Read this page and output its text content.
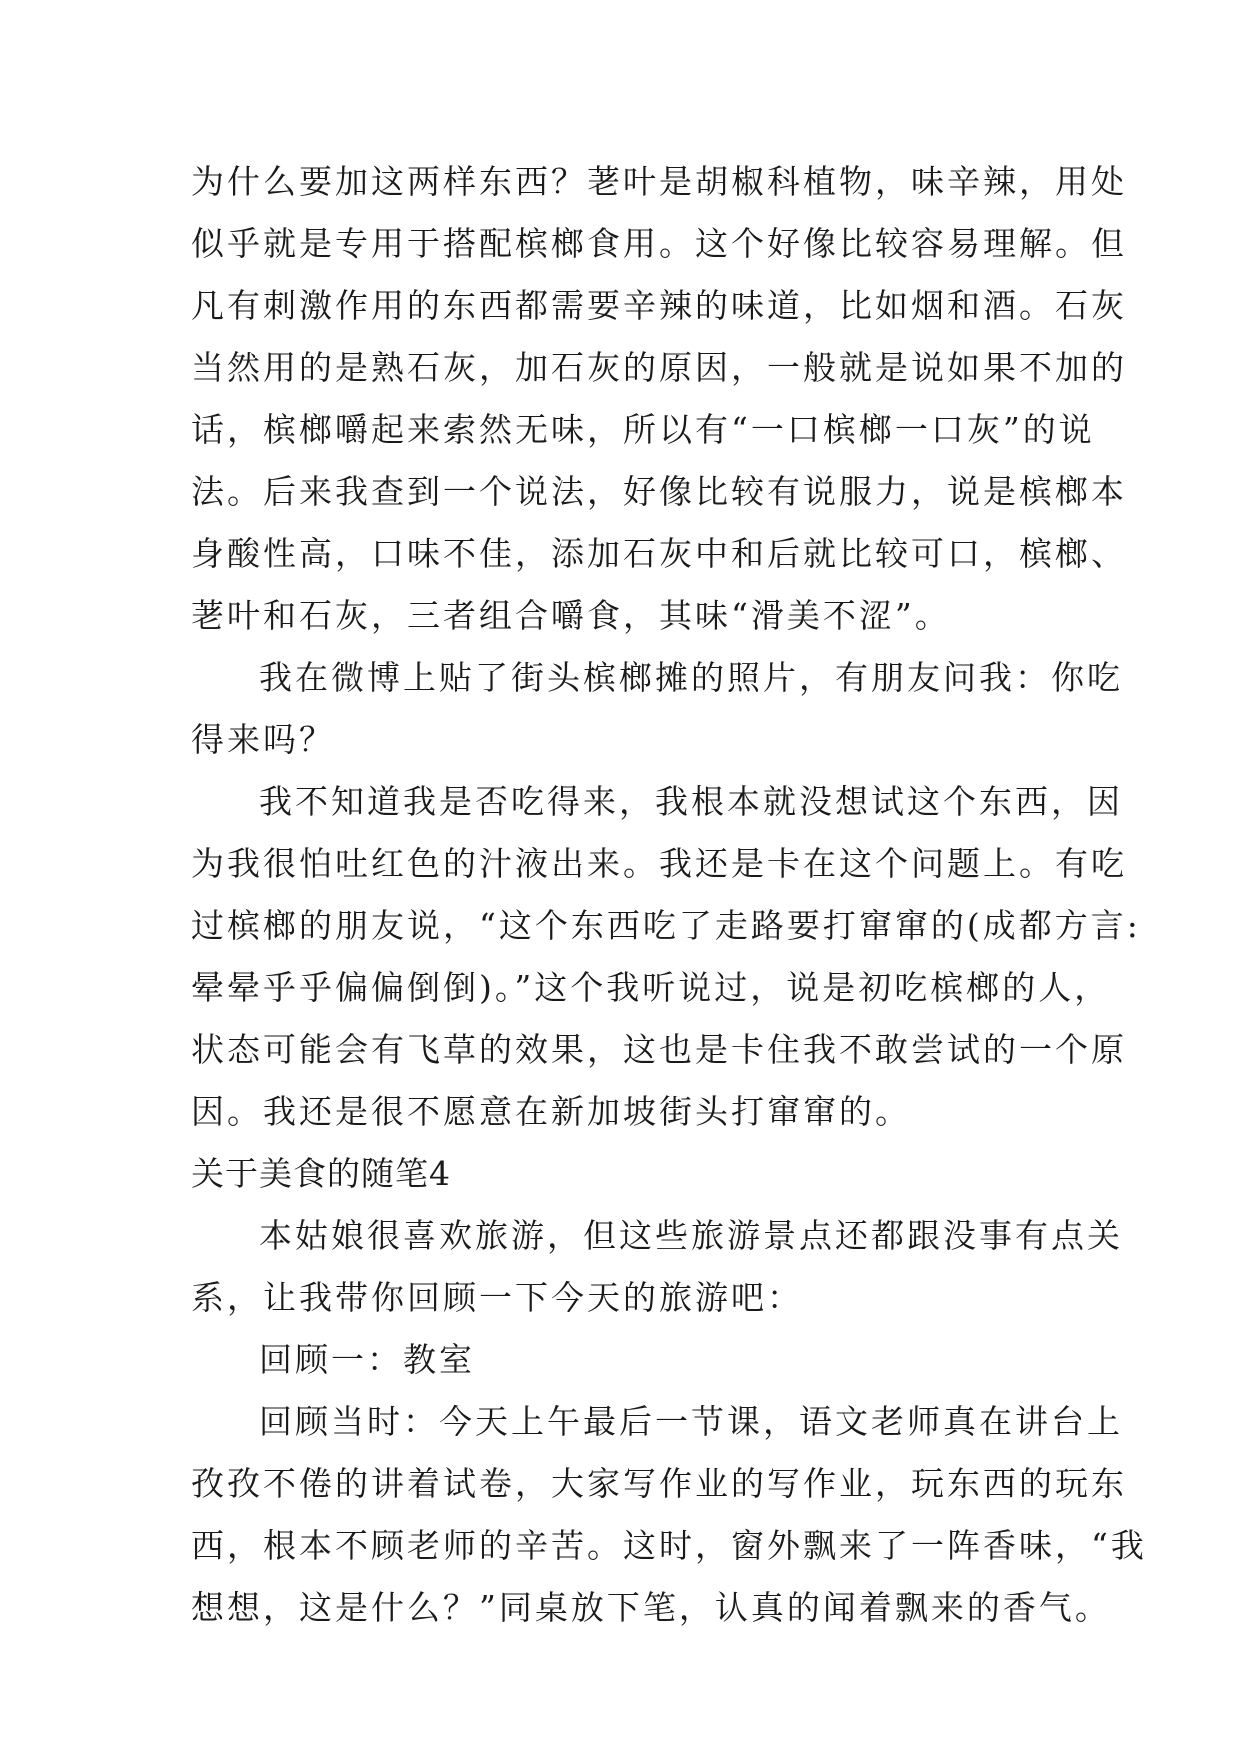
为什么要加这两样东西？荖叶是胡椒科植物，味辛辣，用处
似乎就是专用于搭配槟榔食用。这个好像比较容易理解。但
凡有刺激作用的东西都需要辛辣的味道，比如烟和酒。石灰
当然用的是熟石灰，加石灰的原因，一般就是说如果不加的
话，槟榔嚼起来索然无味，所以有“一口槟榔一口灰”的说
法。后来我查到一个说法，好像比较有说服力，说是槟榔本
身酸性高，口味不佳，添加石灰中和后就比较可口，槟榔、
荖叶和石灰，三者组合嚼食，其味“滑美不涩”。
我在微博上贴了街头槟榔摊的照片，有朋友问我：你吃
得来吗？
我不知道我是否吃得来，我根本就没想试这个东西，因
为我很怕吐红色的汁液出来。我还是卡在这个问题上。有吃
过槟榔的朋友说，“这个东西吃了走路要打窜窜的(成都方言:
晕晕乎乎偏偏倒倒)。”这个我听说过，说是初吃槟榔的人，
状态可能会有飞草的效果，这也是卡住我不敢尝试的一个原
因。我还是很不愿意在新加坡街头打窜窜的。
关于美食的随笔4
本姑娘很喜欢旅游，但这些旅游景点还都跟没事有点关
系，让我带你回顾一下今天的旅游吧：
回顾一：教室
回顾当时：今天上午最后一节课，语文老师真在讲台上
孜孜不倦的讲着试卷，大家写作业的写作业，玩东西的玩东
西，根本不顾老师的辛苦。这时，窗外飘来了一阵香味，“我
想想，这是什么？”同桌放下笔，认真的闻着飘来的香气。
